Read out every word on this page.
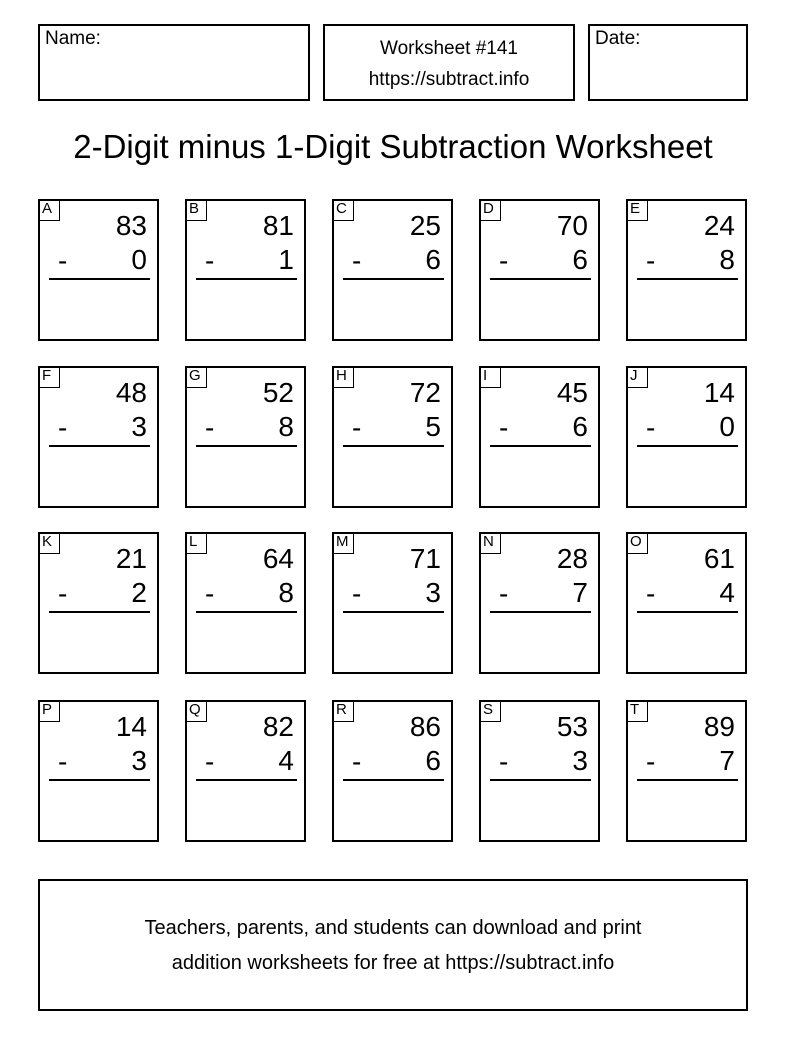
Name:	Worksheet #141
https://subtract.info
Date:
2-Digit minus 1-Digit Subtraction Worksheet
A
83
- 0
B
81
- 1
C
25
- 6
D
70
- 6
E
24
- 8
F
48
- 3
G
52
- 8
H
72
- 5
I
45
- 6
J
14
- 0
K
21
- 2
L
64
- 8
M
71
- 3
N
28
- 7
O
61
- 4
P
14
- 3
Q
82
- 4
R
86
- 6
S
53
- 3
T
89
- 7
Teachers, parents, and students can download and print
addition worksheets for free at https://subtract.info
